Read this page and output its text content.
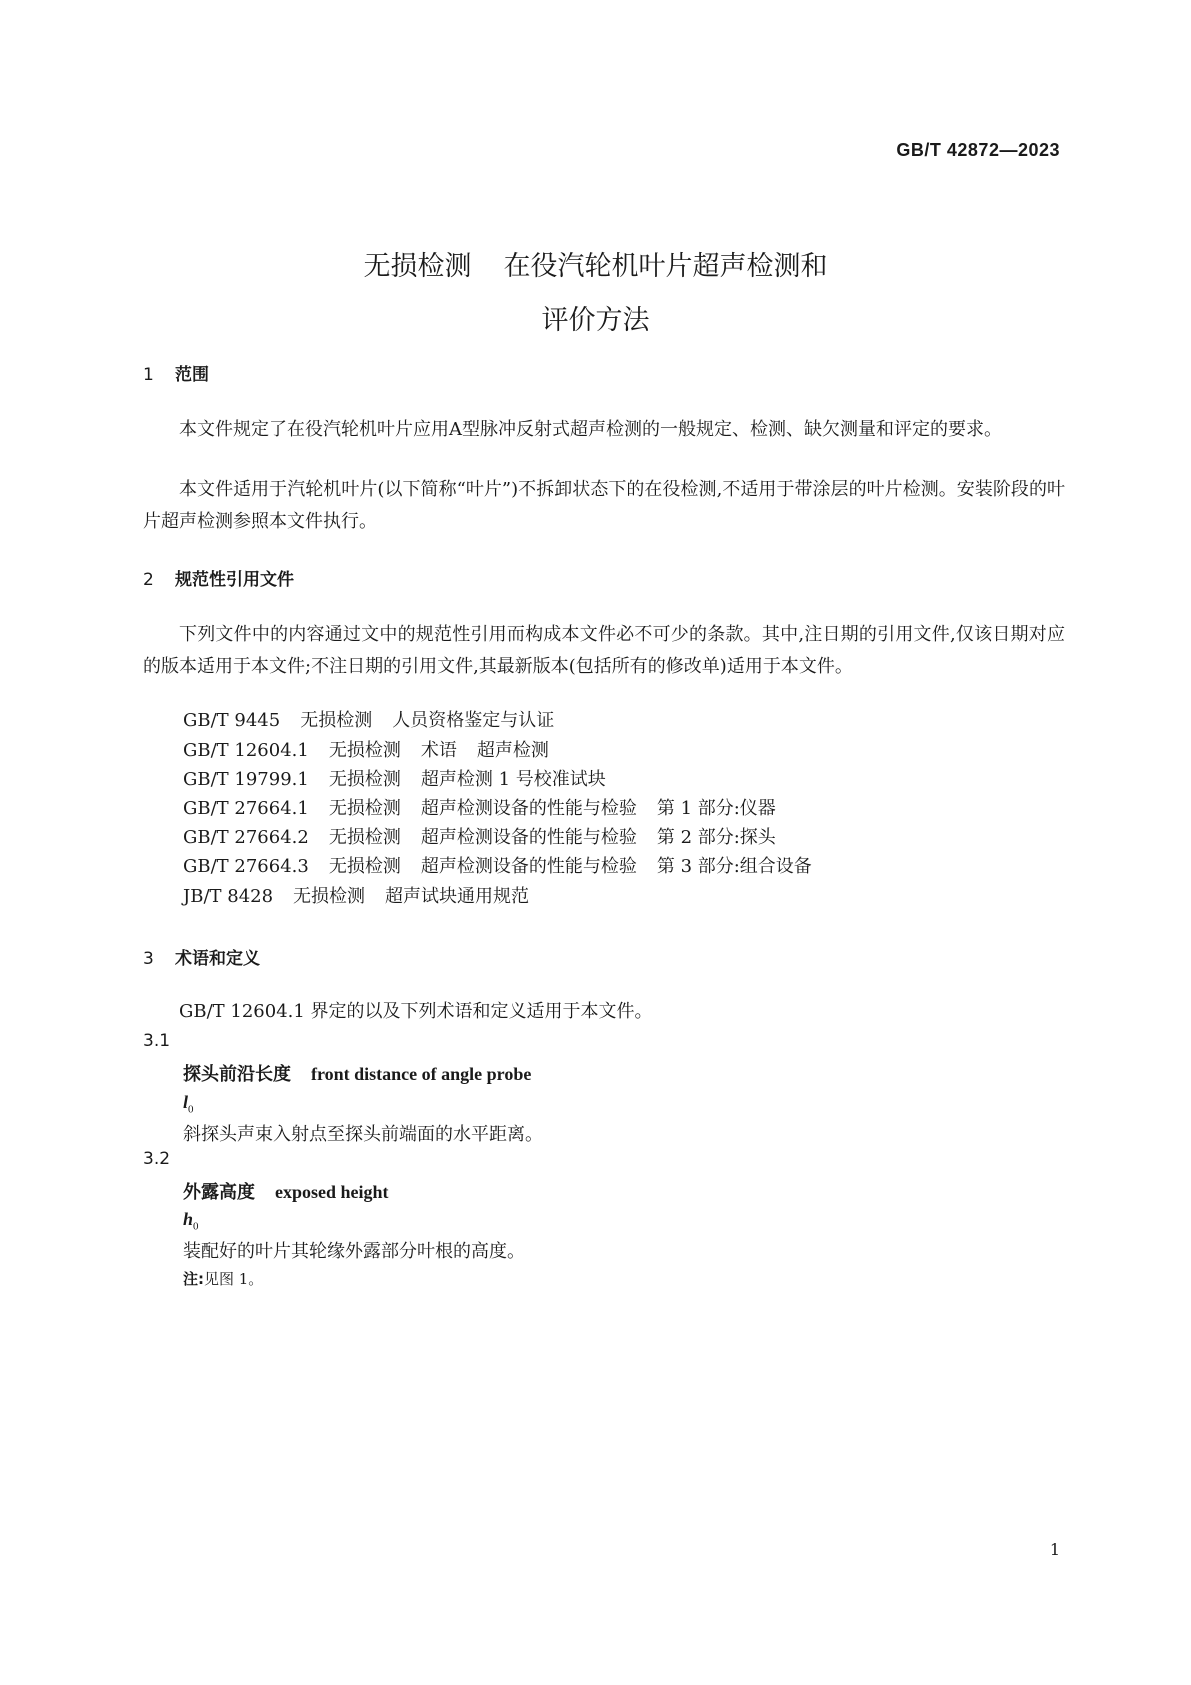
GB/T 42872—2023
无损检测 在役汽轮机叶片超声检测和
评价方法
1 范围

本文件规定了在役汽轮机叶片应用A型脉冲反射式超声检测的一般规定、检测、缺欠测量和评定的要求。

本文件适用于汽轮机叶片(以下简称“叶片”)不拆卸状态下的在役检测,不适用于带涂层的叶片检测。安装阶段的叶片超声检测参照本文件执行。

2 规范性引用文件

下列文件中的内容通过文中的规范性引用而构成本文件必不可少的条款。其中,注日期的引用文件,仅该日期对应的版本适用于本文件;不注日期的引用文件,其最新版本(包括所有的修改单)适用于本文件。

GB/T 9445 无损检测 人员资格鉴定与认证
GB/T 12604.1 无损检测 术语 超声检测
GB/T 19799.1 无损检测 超声检测 1 号校准试块
GB/T 27664.1 无损检测 超声检测设备的性能与检验 第 1 部分:仪器
GB/T 27664.2 无损检测 超声检测设备的性能与检验 第 2 部分:探头
GB/T 27664.3 无损检测 超声检测设备的性能与检验 第 3 部分:组合设备
JB/T 8428 无损检测 超声试块通用规范
3 术语和定义

GB/T 12604.1 界定的以及下列术语和定义适用于本文件。

3.1
探头前沿长度 front distance of angle probe
$l_0$
斜探头声束入射点至探头前端面的水平距离。
3.2
外露高度 exposed height
$h_0$
装配好的叶片其轮缘外露部分叶根的高度。
注:见图 1。
1
